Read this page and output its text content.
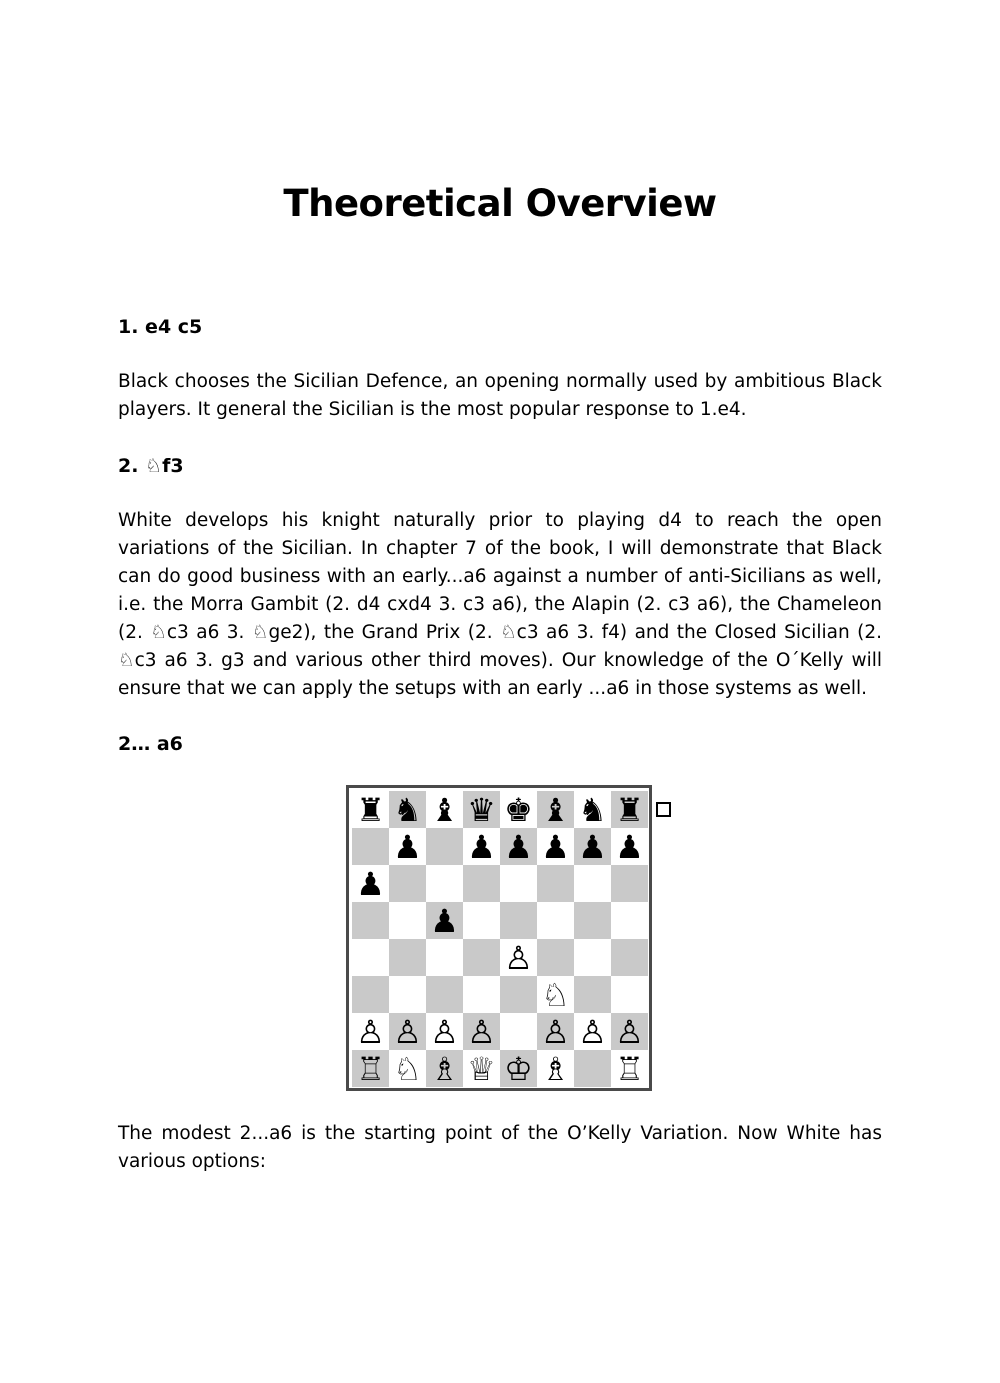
Theoretical Overview
1. e4 c5

Black chooses the Sicilian Defence, an opening normally used by ambitious Black players. It general the Sicilian is the most popular response to 1.e4.

2. ♘f3

White develops his knight naturally prior to playing d4 to reach the open variations of the Sicilian. In chapter 7 of the book, I will demonstrate that Black can do good business with an early...a6 against a number of anti-Sicilians as well, i.e. the Morra Gambit (2. d4 cxd4 3. c3 a6), the Alapin (2. c3 a6), the Chameleon (2. ♘c3 a6 3. ♘ge2), the Grand Prix (2. ♘c3 a6 3. f4) and the Closed Sicilian (2. ♘c3 a6 3. g3 and various other third moves). Our knowledge of the O´Kelly will ensure that we can apply the setups with an early ...a6 in those systems as well.

2… a6
♜ ♞ ♝ ♛ ♚ ♝ ♞ ♜
♟ ♟ ♟ ♟ ♟ ♟
♟
♟
♙
♘
♙ ♙ ♙ ♙ ♙ ♙ ♙
♖ ♘ ♗ ♕ ♔ ♗ ♖

The modest 2...a6 is the starting point of the O’Kelly Variation. Now White has various options:
